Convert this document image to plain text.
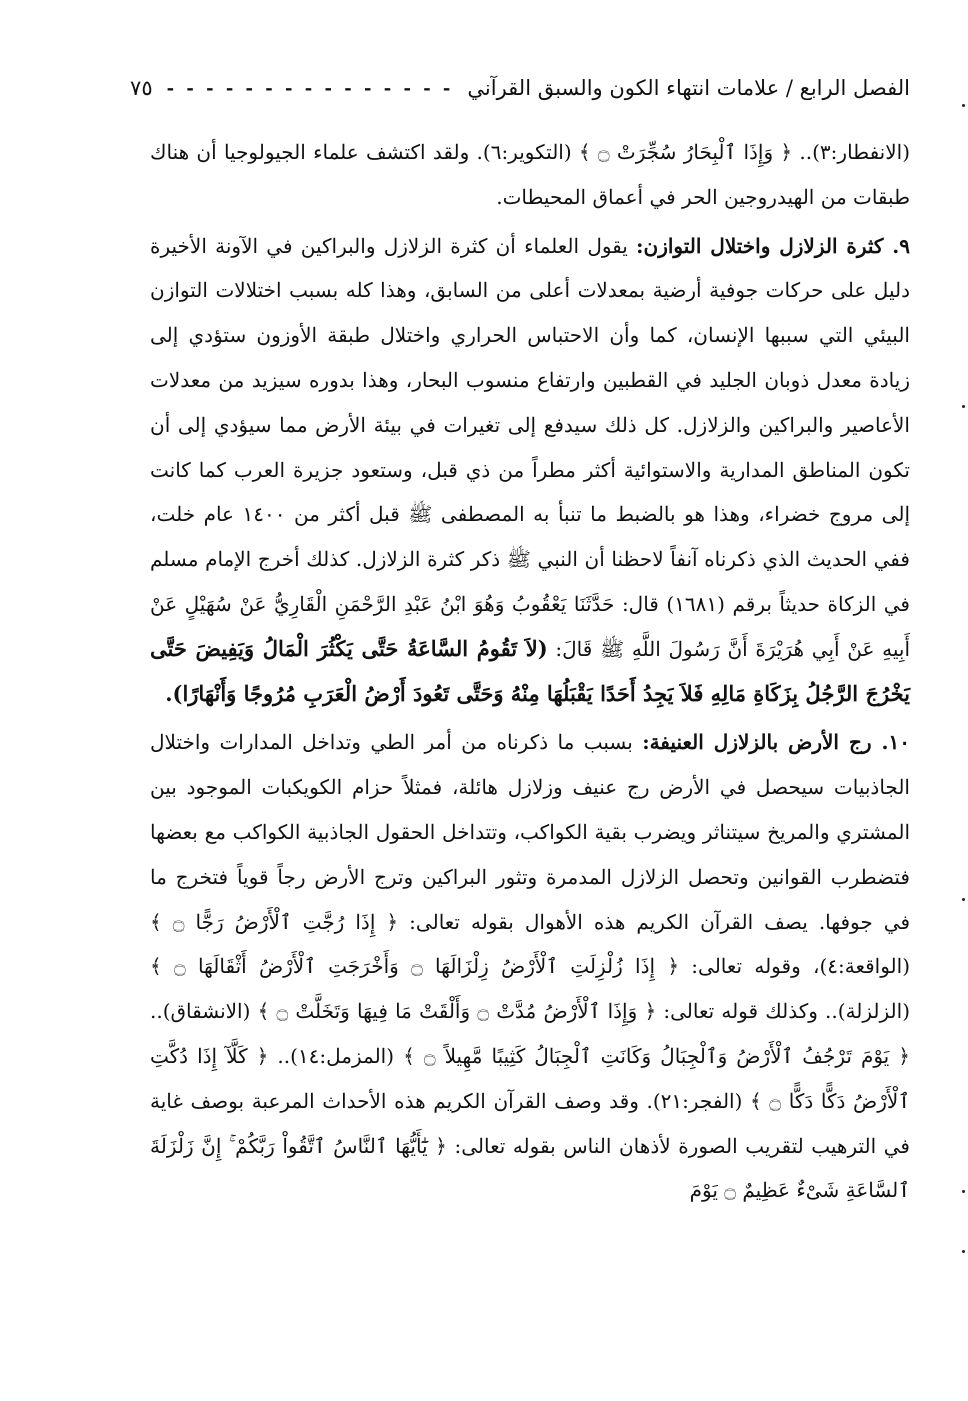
الفصل الرابع / علامات انتهاء الكون والسبق القرآني
- - - - - - - - - - - - - - -
٧٥

(الانفطار:٣).. ﴿ وَإِذَا ٱلْبِحَارُ سُجِّرَتْ ۝ ﴾ (التكوير:٦). ولقد اكتشف علماء الجيولوجيا أن هناك طبقات من الهيدروجين الحر في أعماق المحيطات.

٩. كثرة الزلازل واختلال التوازن: يقول العلماء أن كثرة الزلازل والبراكين في الآونة الأخيرة دليل على حركات جوفية أرضية بمعدلات أعلى من السابق، وهذا كله بسبب اختلالات التوازن البيئي التي سببها الإنسان، كما وأن الاحتباس الحراري واختلال طبقة الأوزون ستؤدي إلى زيادة معدل ذوبان الجليد في القطبين وارتفاع منسوب البحار، وهذا بدوره سيزيد من معدلات الأعاصير والبراكين والزلازل. كل ذلك سيدفع إلى تغيرات في بيئة الأرض مما سيؤدي إلى أن تكون المناطق المدارية والاستوائية أكثر مطراً من ذي قبل، وستعود جزيرة العرب كما كانت إلى مروج خضراء، وهذا هو بالضبط ما تنبأ به المصطفى ﷺ قبل أكثر من ١٤٠٠ عام خلت، ففي الحديث الذي ذكرناه آنفاً لاحظنا أن النبي ﷺ ذكر كثرة الزلازل. كذلك أخرج الإمام مسلم في الزكاة حديثاً برقم (١٦٨١) قال: حَدَّثَنَا يَعْقُوبُ وَهُوَ ابْنُ عَبْدِ الرَّحْمَنِ الْقَارِيُّ عَنْ سُهَيْلٍ عَنْ أَبِيهِ عَنْ أَبِي هُرَيْرَةَ أَنَّ رَسُولَ اللَّهِ ﷺ قَالَ: (لاَ تَقُومُ السَّاعَةُ حَتَّى يَكْثُرَ الْمَالُ وَيَفِيضَ حَتَّى يَخْرُجَ الرَّجُلُ بِزَكَاةِ مَالِهِ فَلاَ يَجِدُ أَحَدًا يَقْبَلُهَا مِنْهُ وَحَتَّى تَعُودَ أَرْضُ الْعَرَبِ مُرُوجًا وَأَنْهَارًا).

١٠. رج الأرض بالزلازل العنيفة: بسبب ما ذكرناه من أمر الطي وتداخل المدارات واختلال الجاذبيات سيحصل في الأرض رج عنيف وزلازل هائلة، فمثلاً حزام الكويكبات الموجود بين المشتري والمريخ سيتناثر ويضرب بقية الكواكب، وتتداخل الحقول الجاذبية الكواكب مع بعضها فتضطرب القوانين وتحصل الزلازل المدمرة وتثور البراكين وترج الأرض رجاً قوياً فتخرج ما في جوفها. يصف القرآن الكريم هذه الأهوال بقوله تعالى: ﴿ إِذَا رُجَّتِ ٱلْأَرْضُ رَجًّا ۝ ﴾ (الواقعة:٤)، وقوله تعالى: ﴿ إِذَا زُلْزِلَتِ ٱلْأَرْضُ زِلْزَالَهَا ۝ وَأَخْرَجَتِ ٱلْأَرْضُ أَثْقَالَهَا ۝ ﴾ (الزلزلة).. وكذلك قوله تعالى: ﴿ وَإِذَا ٱلْأَرْضُ مُدَّتْ ۝ وَأَلْقَتْ مَا فِيهَا وَتَخَلَّتْ ۝ ﴾ (الانشقاق).. ﴿ يَوْمَ تَرْجُفُ ٱلْأَرْضُ وَٱلْجِبَالُ وَكَانَتِ ٱلْجِبَالُ كَثِيبًا مَّهِيلاً ۝ ﴾ (المزمل:١٤).. ﴿ كَلَّآ إِذَا دُكَّتِ ٱلْأَرْضُ دَكًّا دَكًّا ۝ ﴾ (الفجر:٢١). وقد وصف القرآن الكريم هذه الأحداث المرعبة بوصف غاية في الترهيب لتقريب الصورة لأذهان الناس بقوله تعالى: ﴿ يَٰٓأَيُّهَا ٱلنَّاسُ ٱتَّقُواْ رَبَّكُمْ ۚ إِنَّ زَلْزَلَةَ ٱلسَّاعَةِ شَىْءٌ عَظِيمٌ ۝ يَوْمَ
